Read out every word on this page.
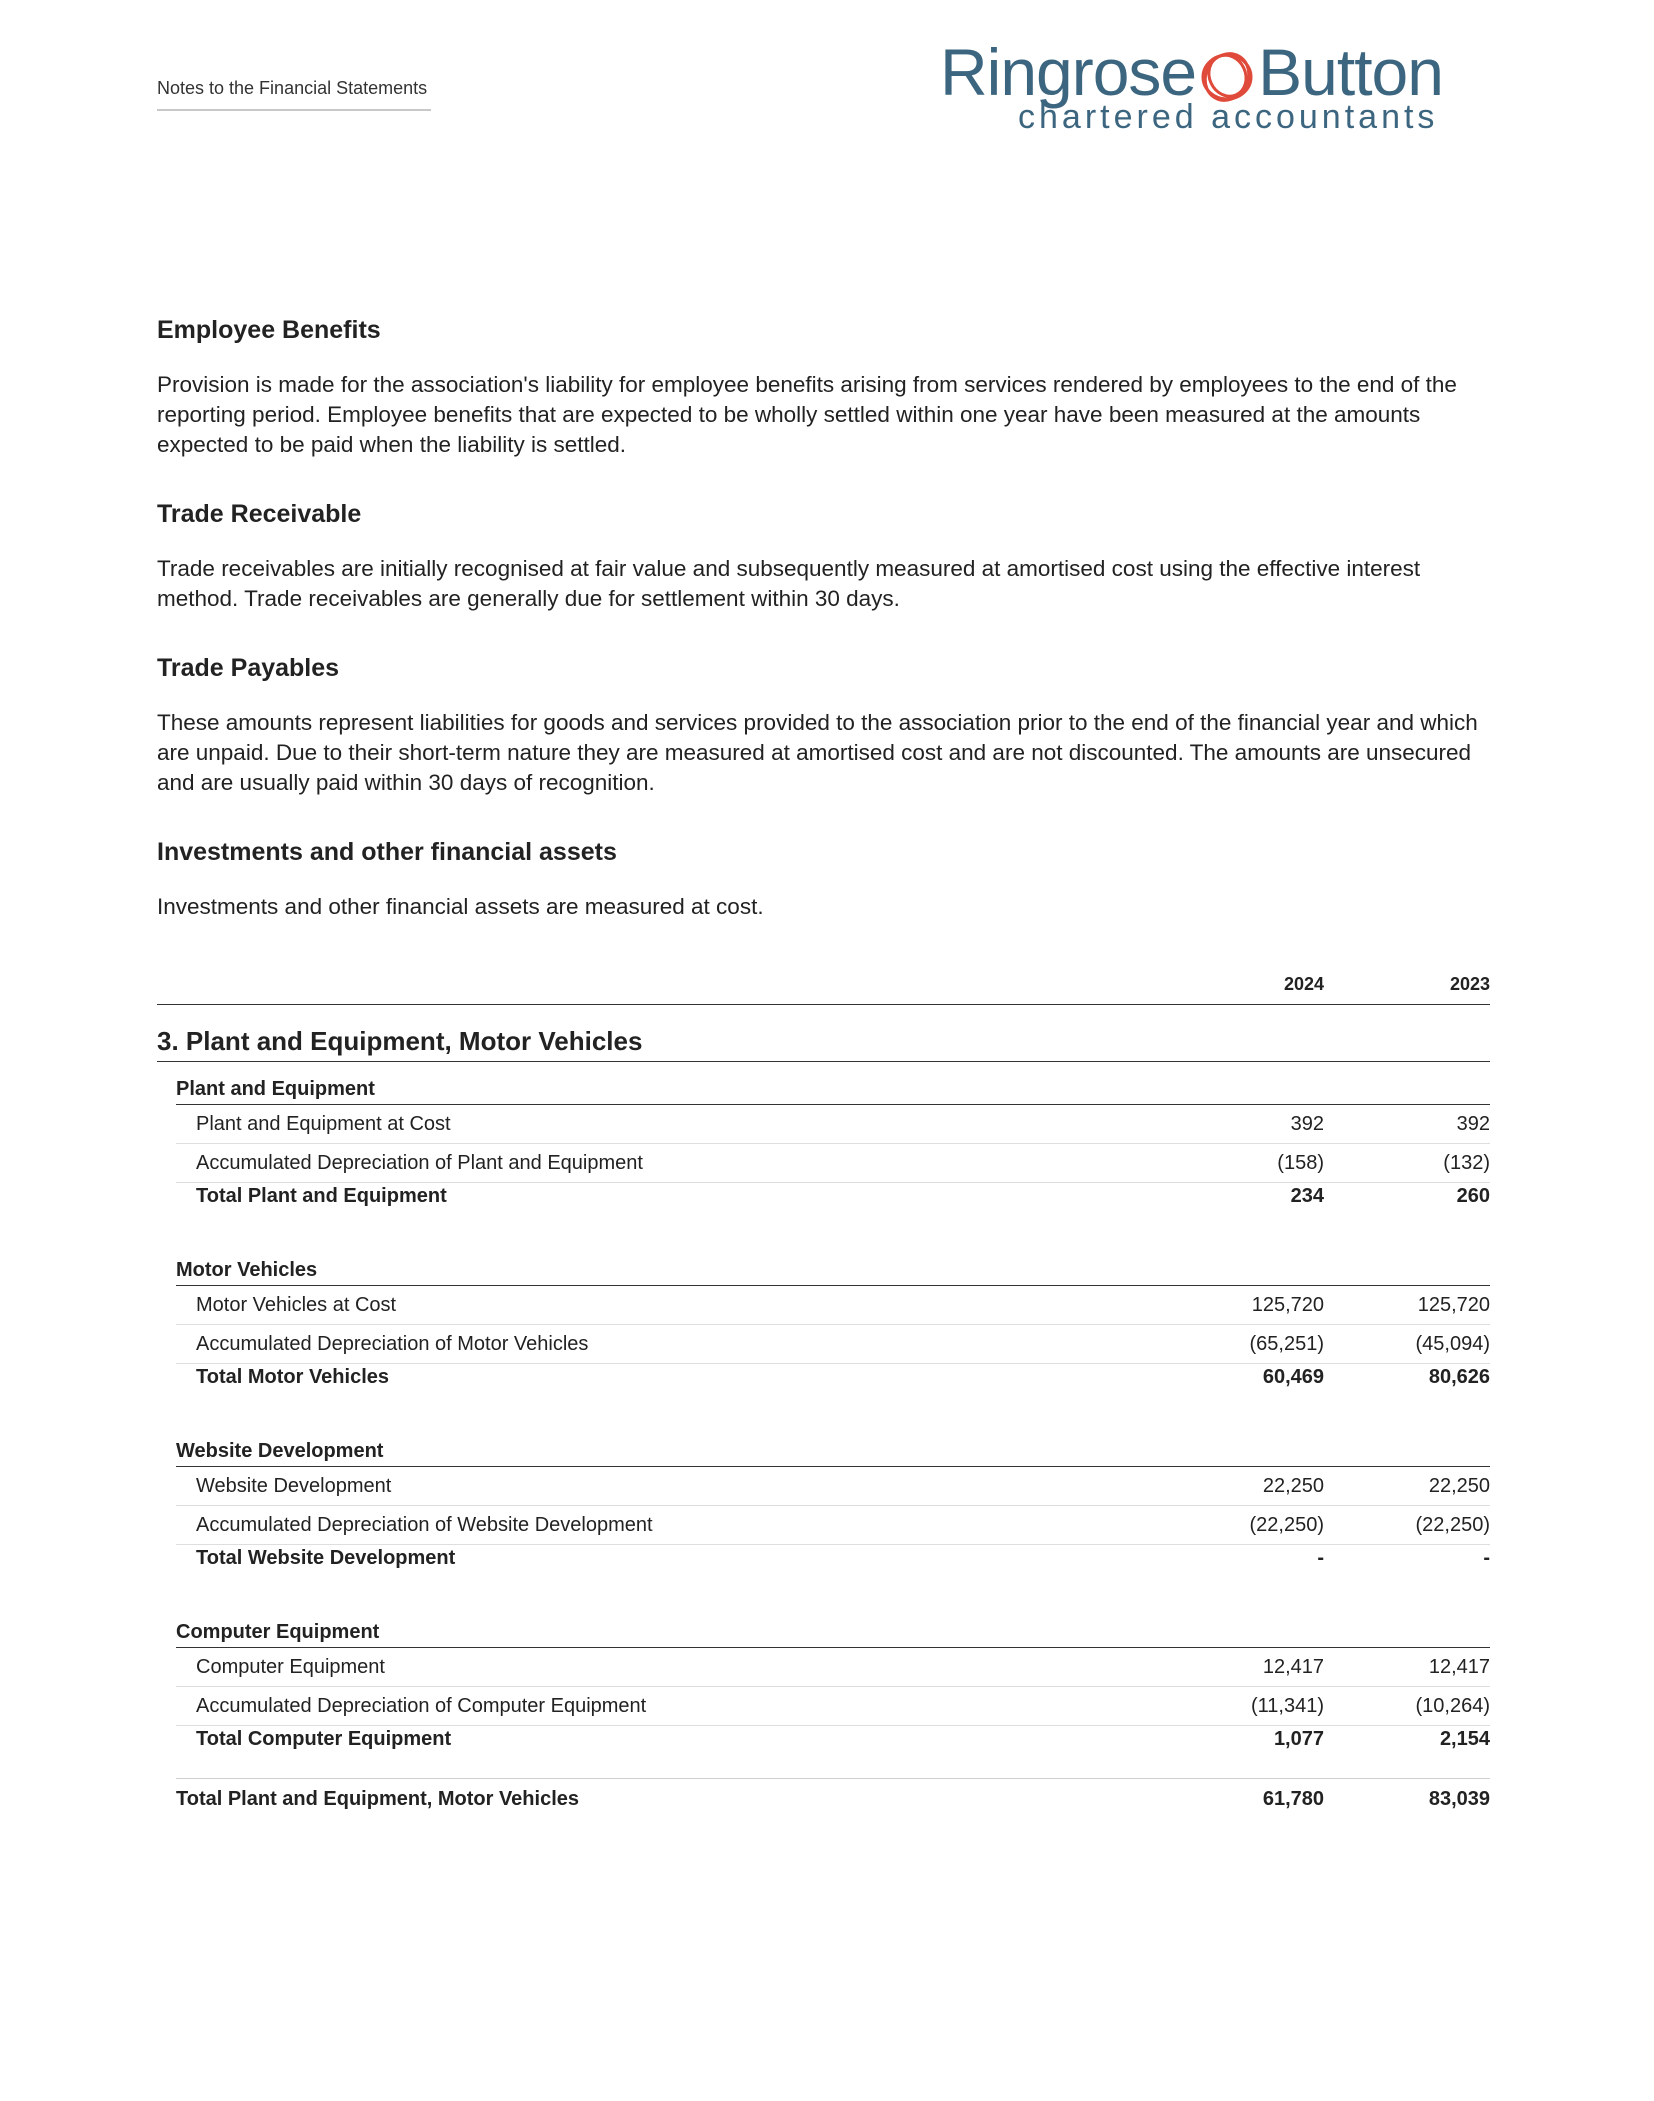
Notes to the Financial Statements	Ringrose Button
chartered accountants
Employee Benefits
Provision is made for the association's liability for employee benefits arising from services rendered by employees to the end of the reporting period. Employee benefits that are expected to be wholly settled within one year have been measured at the amounts expected to be paid when the liability is settled.
Trade Receivable
Trade receivables are initially recognised at fair value and subsequently measured at amortised cost using the effective interest method. Trade receivables are generally due for settlement within 30 days.
Trade Payables
These amounts represent liabilities for goods and services provided to the association prior to the end of the financial year and which are unpaid. Due to their short-term nature they are measured at amortised cost and are not discounted. The amounts are unsecured and are usually paid within 30 days of recognition.
Investments and other financial assets
Investments and other financial assets are measured at cost.
2024	2023
3. Plant and Equipment, Motor Vehicles
Plant and Equipment
Plant and Equipment at Cost	392	392
Accumulated Depreciation of Plant and Equipment	(158)	(132)
Total Plant and Equipment	234	260
Motor Vehicles
Motor Vehicles at Cost	125,720	125,720
Accumulated Depreciation of Motor Vehicles	(65,251)	(45,094)
Total Motor Vehicles	60,469	80,626
Website Development
Website Development	22,250	22,250
Accumulated Depreciation of Website Development	(22,250)	(22,250)
Total Website Development	-	-
Computer Equipment
Computer Equipment	12,417	12,417
Accumulated Depreciation of Computer Equipment	(11,341)	(10,264)
Total Computer Equipment	1,077	2,154
Total Plant and Equipment, Motor Vehicles	61,780	83,039
